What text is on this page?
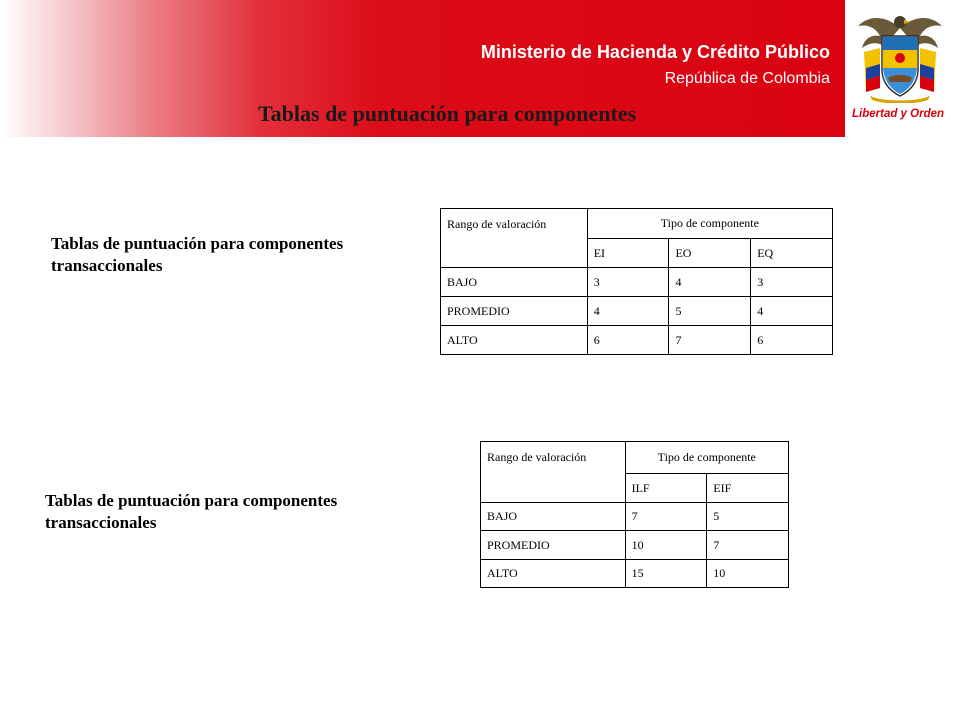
Ministerio de Hacienda y Crédito Público
República de Colombia
Libertad y Orden
Tablas de puntuación para componentes
Tablas de puntuación para componentes transaccionales
Rango de valoración	Tipo de componente		
	EI	EO	EQ
BAJO	3	4	3
PROMEDIO	4	5	4
ALTO	6	7	6
Tablas de puntuación para componentes transaccionales
Rango de valoración	Tipo de componente	
	ILF	EIF
BAJO	7	5
PROMEDIO	10	7
ALTO	15	10
